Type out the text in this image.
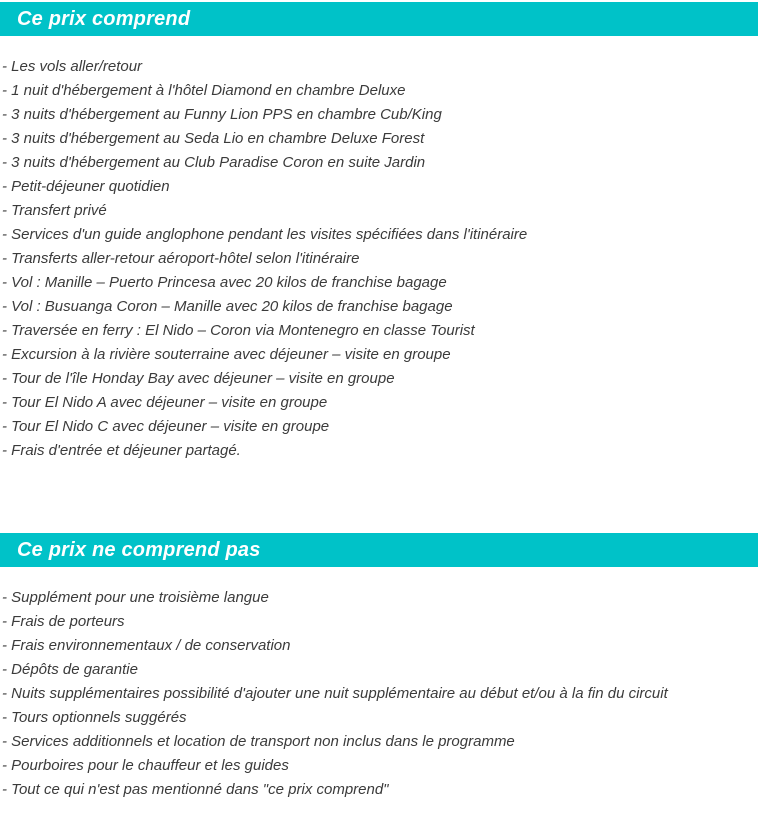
Ce prix comprend
- Les vols aller/retour
- 1 nuit d'hébergement à l'hôtel Diamond en chambre Deluxe
- 3 nuits d'hébergement au Funny Lion PPS en chambre Cub/King
- 3 nuits d'hébergement au Seda Lio en chambre Deluxe Forest
- 3 nuits d'hébergement au Club Paradise Coron en suite Jardin
- Petit-déjeuner quotidien
- Transfert privé
- Services d'un guide anglophone pendant les visites spécifiées dans l'itinéraire
- Transferts aller-retour aéroport-hôtel selon l'itinéraire
- Vol : Manille – Puerto Princesa avec 20 kilos de franchise bagage
- Vol : Busuanga Coron – Manille avec 20 kilos de franchise bagage
- Traversée en ferry : El Nido – Coron via Montenegro en classe Tourist
- Excursion à la rivière souterraine avec déjeuner – visite en groupe
- Tour de l'île Honday Bay avec déjeuner – visite en groupe
- Tour El Nido A avec déjeuner – visite en groupe
- Tour El Nido C avec déjeuner – visite en groupe
- Frais d'entrée et déjeuner partagé.
Ce prix ne comprend pas
- Supplément pour une troisième langue
- Frais de porteurs
- Frais environnementaux / de conservation
- Dépôts de garantie
- Nuits supplémentaires possibilité d'ajouter une nuit supplémentaire au début et/ou à la fin du circuit
- Tours optionnels suggérés
- Services additionnels et location de transport non inclus dans le programme
- Pourboires pour le chauffeur et les guides
- Tout ce qui n'est pas mentionné dans "ce prix comprend"
